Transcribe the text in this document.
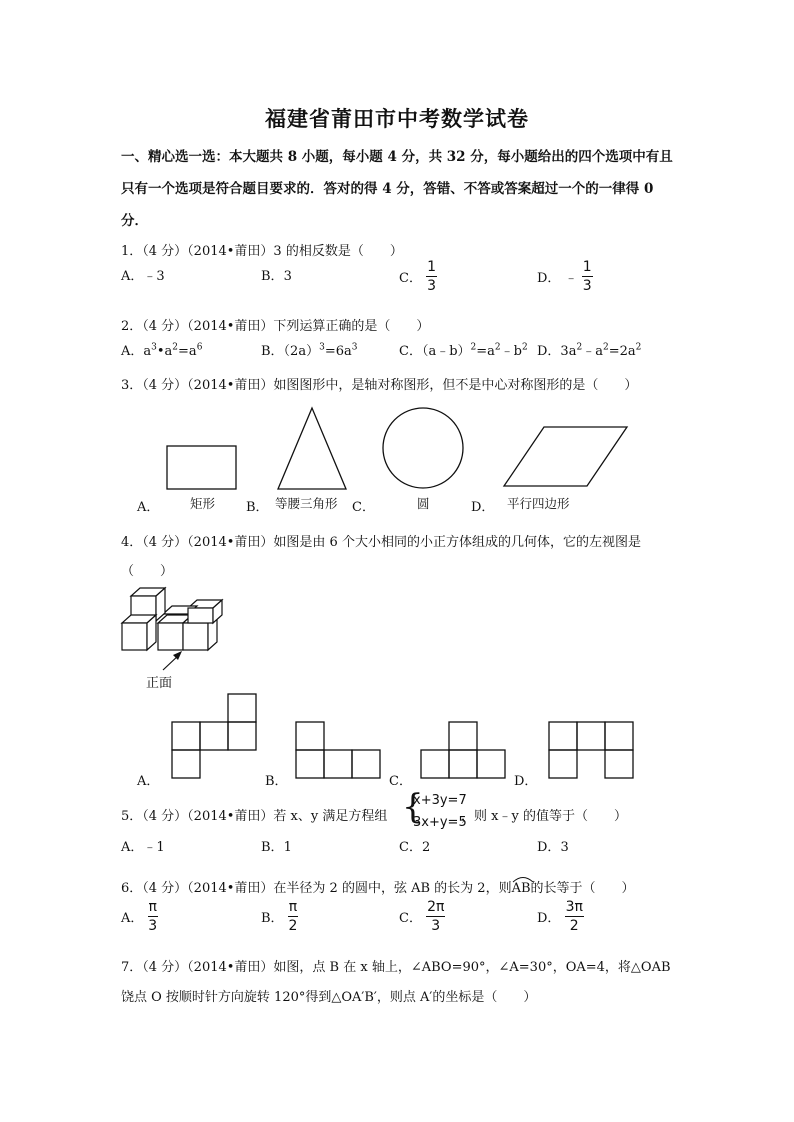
福建省莆田市中考数学试卷
一、精心选一选：本大题共 8 小题，每小题 4 分，共 32 分，每小题给出的四个选项中有且
只有一个选项是符合题目要求的．答对的得 4 分，答错、不答或答案超过一个的一律得 0
分．
1．（4 分）（2014•莆田）3 的相反数是（　　）
A．﹣3	B．3	C． $\frac{1}{3}$	D． ﹣ $\frac{1}{3}$
2．（4 分）（2014•莆田）下列运算正确的是（　　）
A．$a^3•a^2=a^6$	B．$(2a)^3=6a^3$	C．$(a﹣b)^2=a^2﹣b^2$ D．$3a^2﹣a^2=2a^2$
3．（4 分）（2014•莆田）如图图形中，是轴对称图形，但不是中心对称图形的是（　　）
A． 矩形 B． 等腰三角形 C．	圆	D． 平行四边形
4．（4 分）（2014•莆田）如图是由 6 个大小相同的小正方体组成的几何体，它的左视图是
（　　）
正面
A．	B．	C．	D．
5．（4 分）（2014•莆田）若 x、y 满足方程组 {
x+3y=7
3x+y=5
，则 x﹣y 的值等于（　　）
A．﹣1	B．1	C．2	D．3
6．（4 分）（2014•莆田）在半径为 2 的圆中，弦 AB 的长为 2，则
AB的长等于（　　）
A． $\frac{\pi}{3}$	B． $\frac{\pi}{2}$	C． $\frac{2\pi}{3}$	D． $\frac{3\pi}{2}$
7．（4 分）（2014•莆田）如图，点 B 在 x 轴上，∠ABO=90°，∠A=30°，OA=4，将△OAB
饶点 O 按顺时针方向旋转 120°得到△OA′B′，则点 A′的坐标是（　　）
